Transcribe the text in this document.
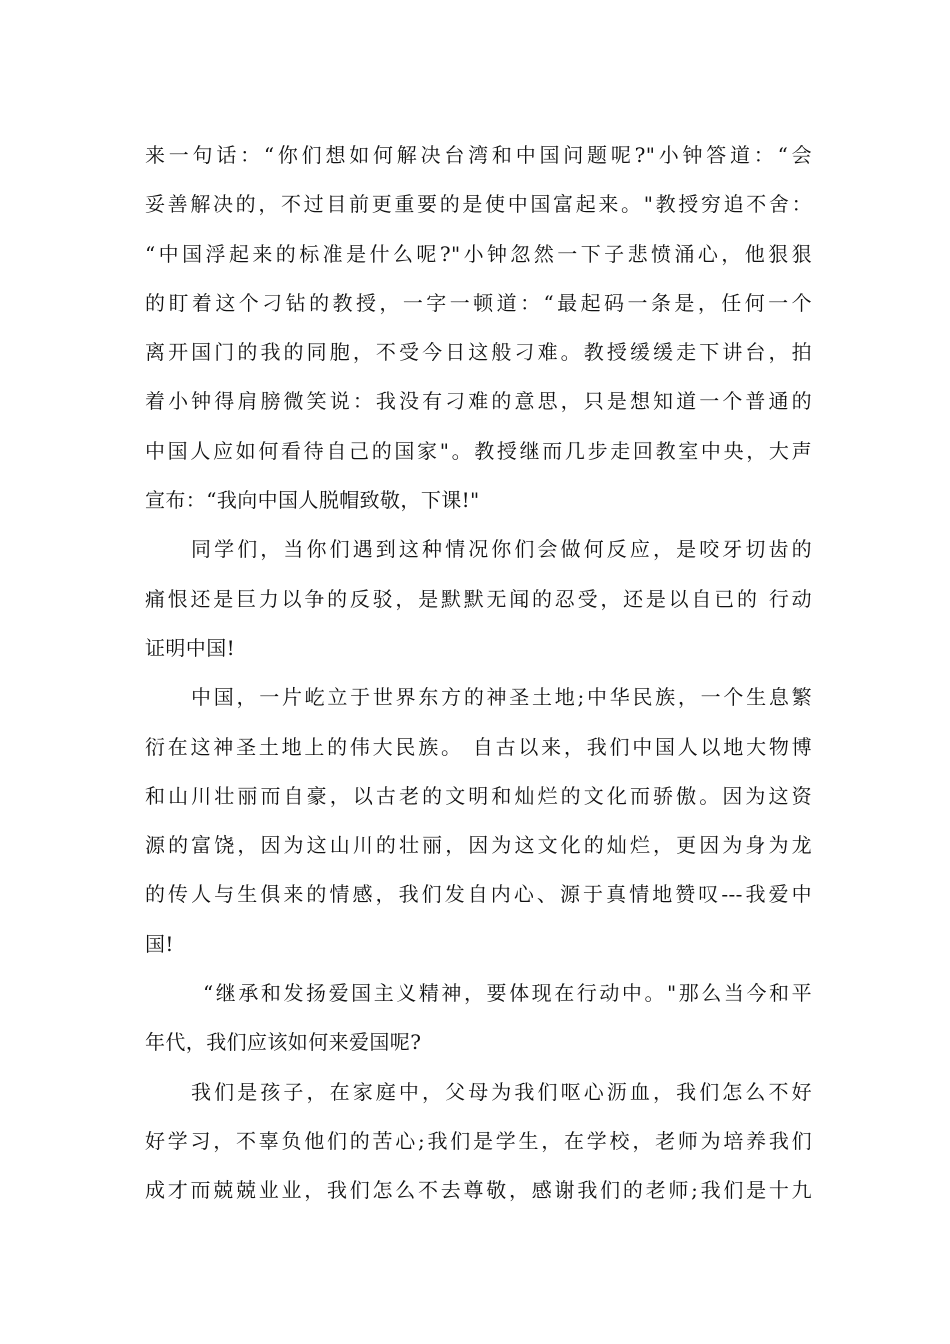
来一句话：“你们想如何解决台湾和中国问题呢?"小钟答道：“会
妥善解决的，不过目前更重要的是使中国富起来。"教授穷追不舍：
“中国浮起来的标准是什么呢?"小钟忽然一下子悲愤涌心，他狠狠
的盯着这个刁钻的教授，一字一顿道：“最起码一条是，任何一个
离开国门的我的同胞，不受今日这般刁难。教授缓缓走下讲台，拍
着小钟得肩膀微笑说：我没有刁难的意思，只是想知道一个普通的
中国人应如何看待自己的国家"。教授继而几步走回教室中央，大声
宣布：“我向中国人脱帽致敬，下课!"
同学们，当你们遇到这种情况你们会做何反应，是咬牙切齿的
痛恨还是巨力以争的反驳，是默默无闻的忍受，还是以自已的 行动
证明中国!
中国，一片屹立于世界东方的神圣土地;中华民族，一个生息繁
衍在这神圣土地上的伟大民族。 自古以来，我们中国人以地大物博
和山川壮丽而自豪，以古老的文明和灿烂的文化而骄傲。因为这资
源的富饶，因为这山川的壮丽，因为这文化的灿烂，更因为身为龙
的传人与生俱来的情感，我们发自内心、源于真情地赞叹---我爱中
国!
“继承和发扬爱国主义精神，要体现在行动中。"那么当今和平
年代，我们应该如何来爱国呢?
我们是孩子，在家庭中，父母为我们呕心沥血，我们怎么不好
好学习，不辜负他们的苦心;我们是学生，在学校，老师为培养我们
成才而兢兢业业，我们怎么不去尊敬，感谢我们的老师;我们是十九
